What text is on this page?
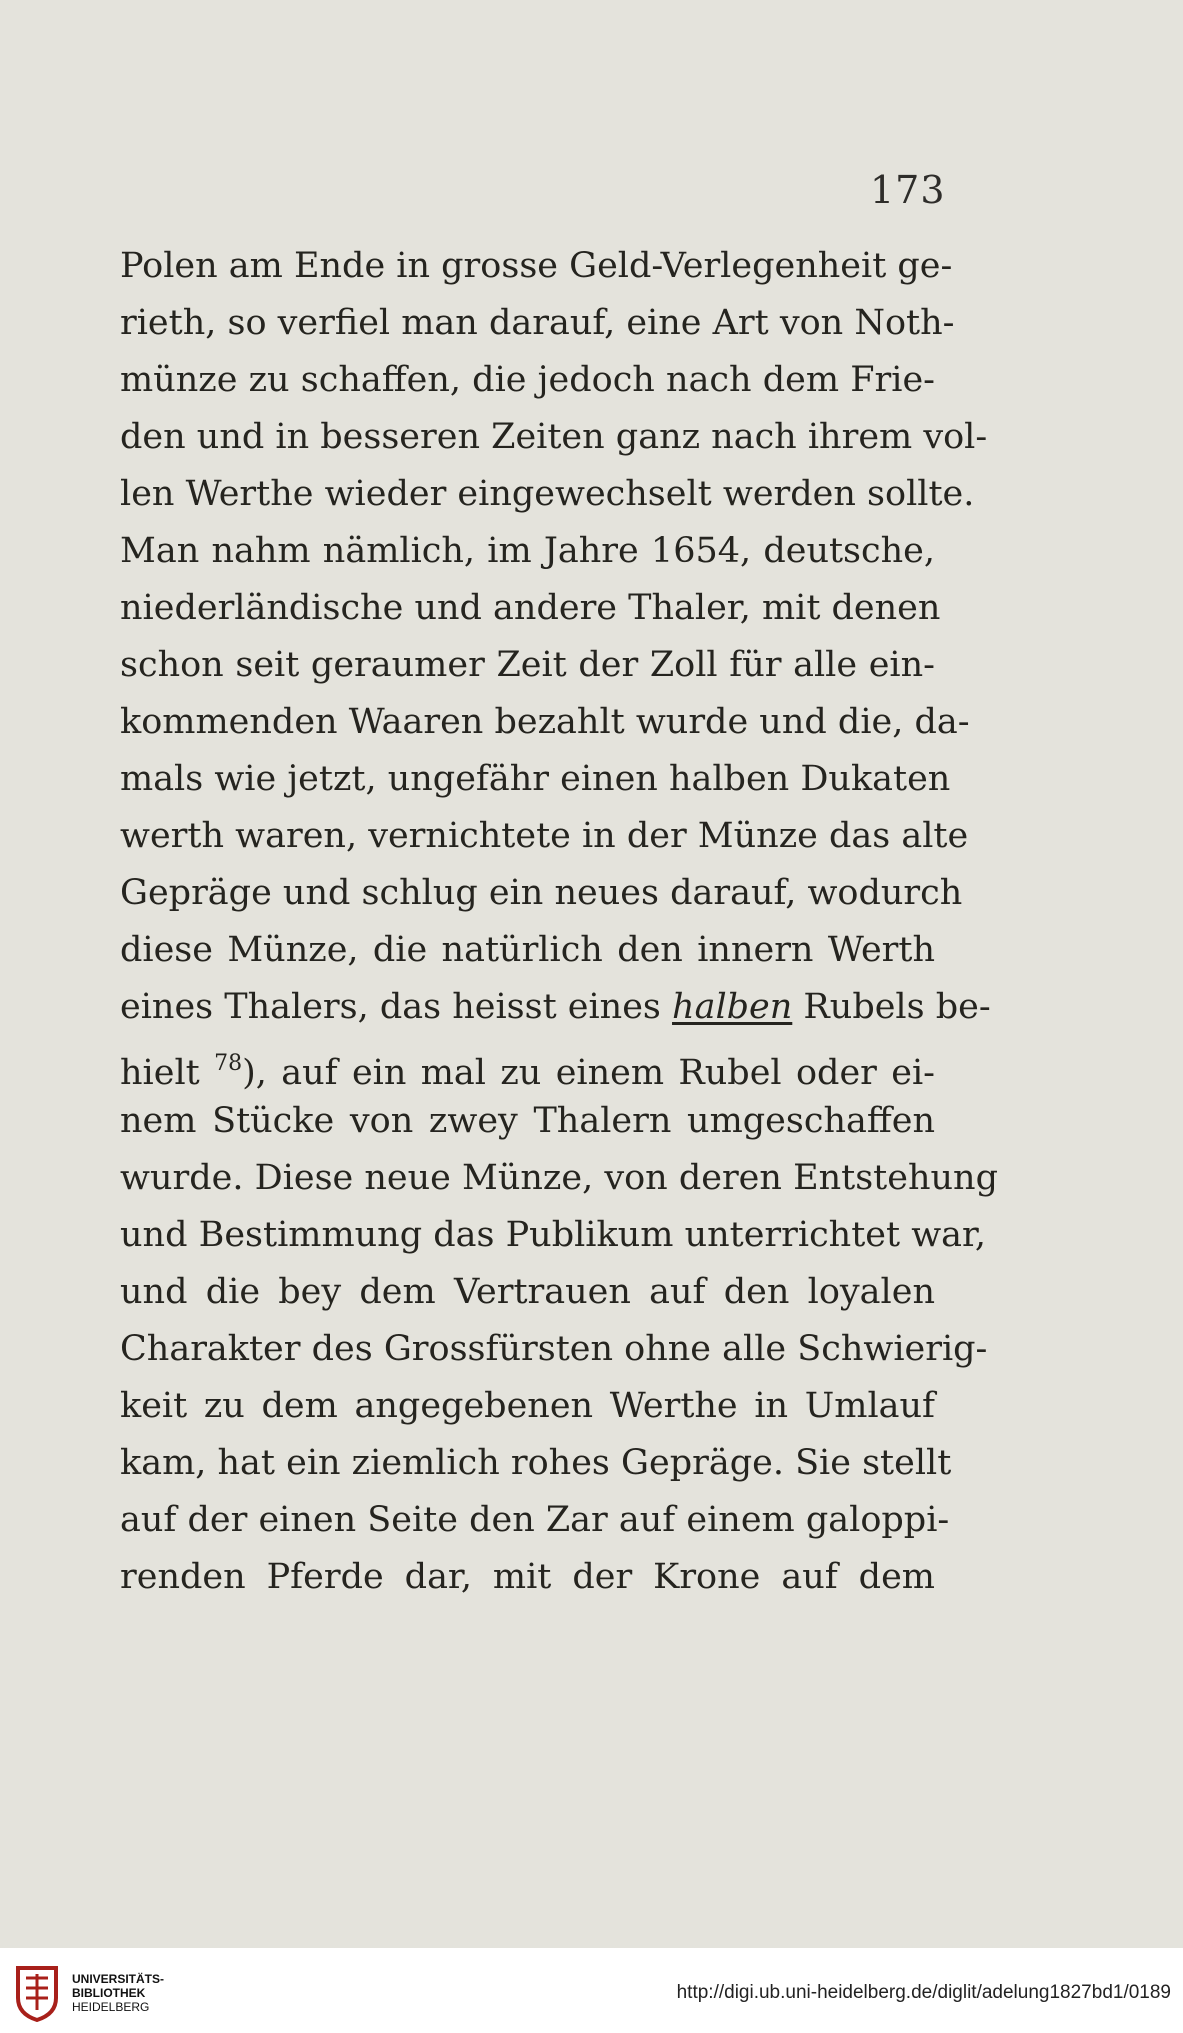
173
Polen am Ende in grosse Geld-Verlegenheit ge-
rieth, so verfiel man darauf, eine Art von Noth-
münze zu schaffen, die jedoch nach dem Frie-
den und in besseren Zeiten ganz nach ihrem vol-
len Werthe wieder eingewechselt werden sollte.
Man nahm nämlich, im Jahre 1654, deutsche,
niederländische und andere Thaler, mit denen
schon seit geraumer Zeit der Zoll für alle ein-
kommenden Waaren bezahlt wurde und die, da-
mals wie jetzt, ungefähr einen halben Dukaten
werth waren, vernichtete in der Münze das alte
Gepräge und schlug ein neues darauf, wodurch
diese Münze, die natürlich den innern Werth
eines Thalers, das heisst eines halben Rubels be-
hielt $^{78}$), auf ein mal zu einem Rubel oder ei-
nem Stücke von zwey Thalern umgeschaffen
wurde. Diese neue Münze, von deren Entstehung
und Bestimmung das Publikum unterrichtet war,
und die bey dem Vertrauen auf den loyalen
Charakter des Grossfürsten ohne alle Schwierig-
keit zu dem angegebenen Werthe in Umlauf
kam, hat ein ziemlich rohes Gepräge. Sie stellt
auf der einen Seite den Zar auf einem galoppi-
renden Pferde dar, mit der Krone auf dem
UNIVERSITÄTS-
BIBLIOTHEK
HEIDELBERG
http://digi.ub.uni-heidelberg.de/diglit/adelung1827bd1/0189
